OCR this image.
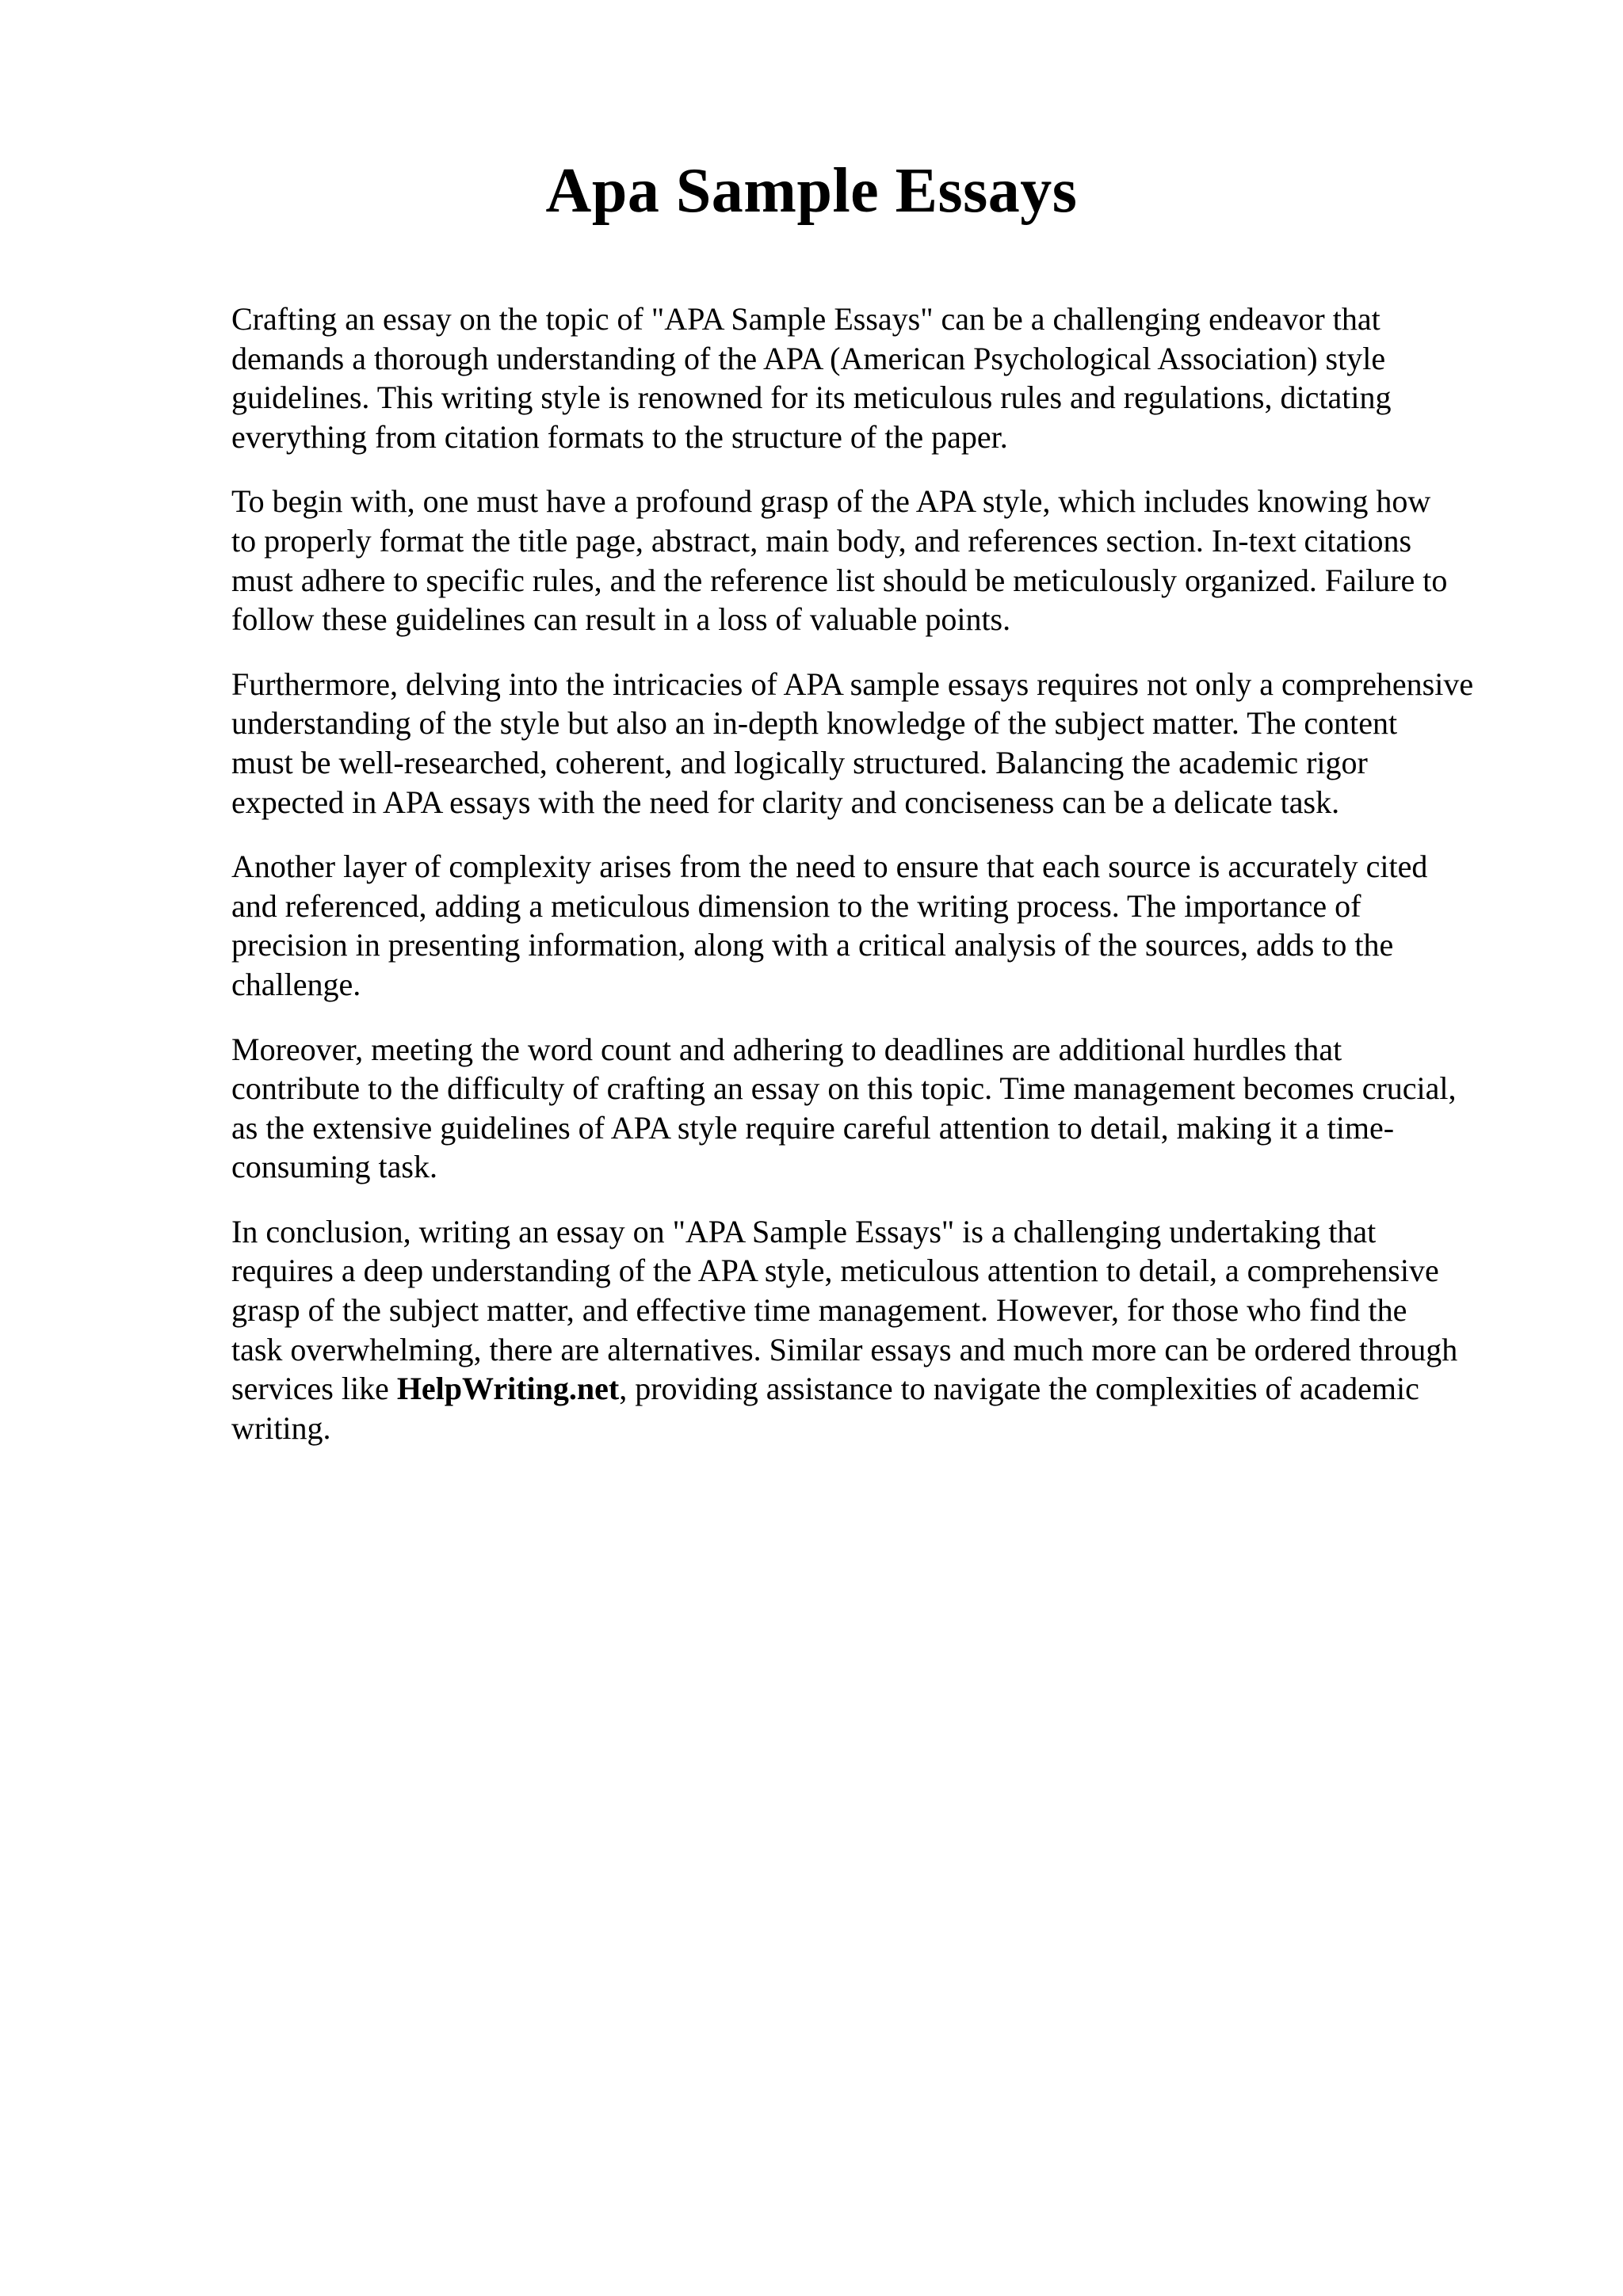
Apa Sample Essays

Crafting an essay on the topic of "APA Sample Essays" can be a challenging endeavor that
demands a thorough understanding of the APA (American Psychological Association) style
guidelines. This writing style is renowned for its meticulous rules and regulations, dictating
everything from citation formats to the structure of the paper.

To begin with, one must have a profound grasp of the APA style, which includes knowing how
to properly format the title page, abstract, main body, and references section. In-text citations
must adhere to specific rules, and the reference list should be meticulously organized. Failure to
follow these guidelines can result in a loss of valuable points.

Furthermore, delving into the intricacies of APA sample essays requires not only a comprehensive
understanding of the style but also an in-depth knowledge of the subject matter. The content
must be well-researched, coherent, and logically structured. Balancing the academic rigor
expected in APA essays with the need for clarity and conciseness can be a delicate task.

Another layer of complexity arises from the need to ensure that each source is accurately cited
and referenced, adding a meticulous dimension to the writing process. The importance of
precision in presenting information, along with a critical analysis of the sources, adds to the
challenge.

Moreover, meeting the word count and adhering to deadlines are additional hurdles that
contribute to the difficulty of crafting an essay on this topic. Time management becomes crucial,
as the extensive guidelines of APA style require careful attention to detail, making it a time-
consuming task.

In conclusion, writing an essay on "APA Sample Essays" is a challenging undertaking that
requires a deep understanding of the APA style, meticulous attention to detail, a comprehensive
grasp of the subject matter, and effective time management. However, for those who find the
task overwhelming, there are alternatives. Similar essays and much more can be ordered through
services like HelpWriting.net, providing assistance to navigate the complexities of academic
writing.
